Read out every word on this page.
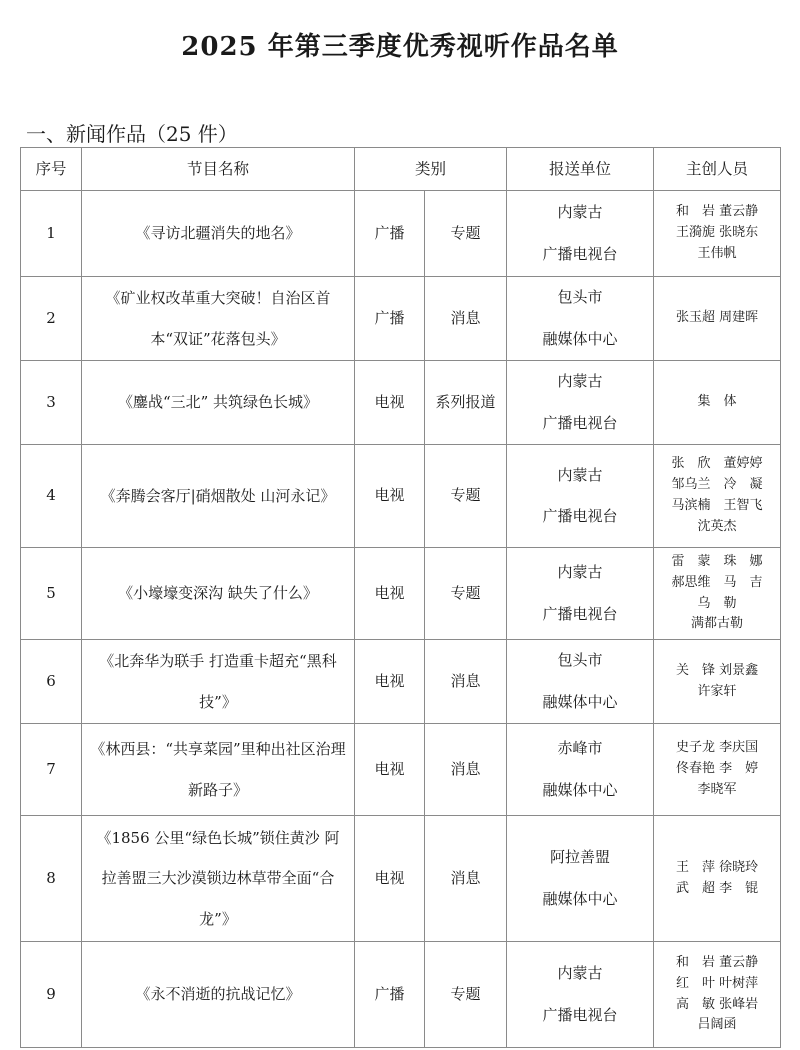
2025 年第三季度优秀视听作品名单
一、新闻作品（25 件）
序号	节目名称	类别		报送单位	主创人员
1	《寻访北疆消失的地名》	广播	专题	内蒙古
广播电视台	和　岩 董云静
王漪旎 张晓东
王伟帆

2	《矿业权改革重大突破！自治区首本“双证”花落包头》	广播	消息	包头市
融媒体中心	张玉超 周建晖

3	《鏖战“三北” 共筑绿色长城》	电视	系列报道	内蒙古
广播电视台	集　体

4	《奔腾会客厅|硝烟散处 山河永记》	电视	专题	内蒙古
广播电视台	张　欣　董婷婷
邹乌兰　冷　凝
马滨楠　王智飞
沈英杰

5	《小壕壕变深沟 缺失了什么》	电视	专题	内蒙古
广播电视台	雷　蒙　珠　娜
郝思维　马　吉
乌　勒
满都古勒

6	《北奔华为联手 打造重卡超充“黑科技”》	电视	消息	包头市
融媒体中心	关　锋 刘景鑫
许家轩

7	《林西县：“共享菜园”里种出社区治理新路子》	电视	消息	赤峰市
融媒体中心	史子龙 李庆国
佟春艳 李　婷
李晓军

8	《1856 公里“绿色长城”锁住黄沙 阿拉善盟三大沙漠锁边林草带全面“合龙”》	电视	消息	阿拉善盟
融媒体中心	王　萍 徐晓玲
武　超 李　锟

9	《永不消逝的抗战记忆》	广播	专题	内蒙古
广播电视台	和　岩 董云静
红　叶 叶树萍
高　敏 张峰岩
吕阔函
